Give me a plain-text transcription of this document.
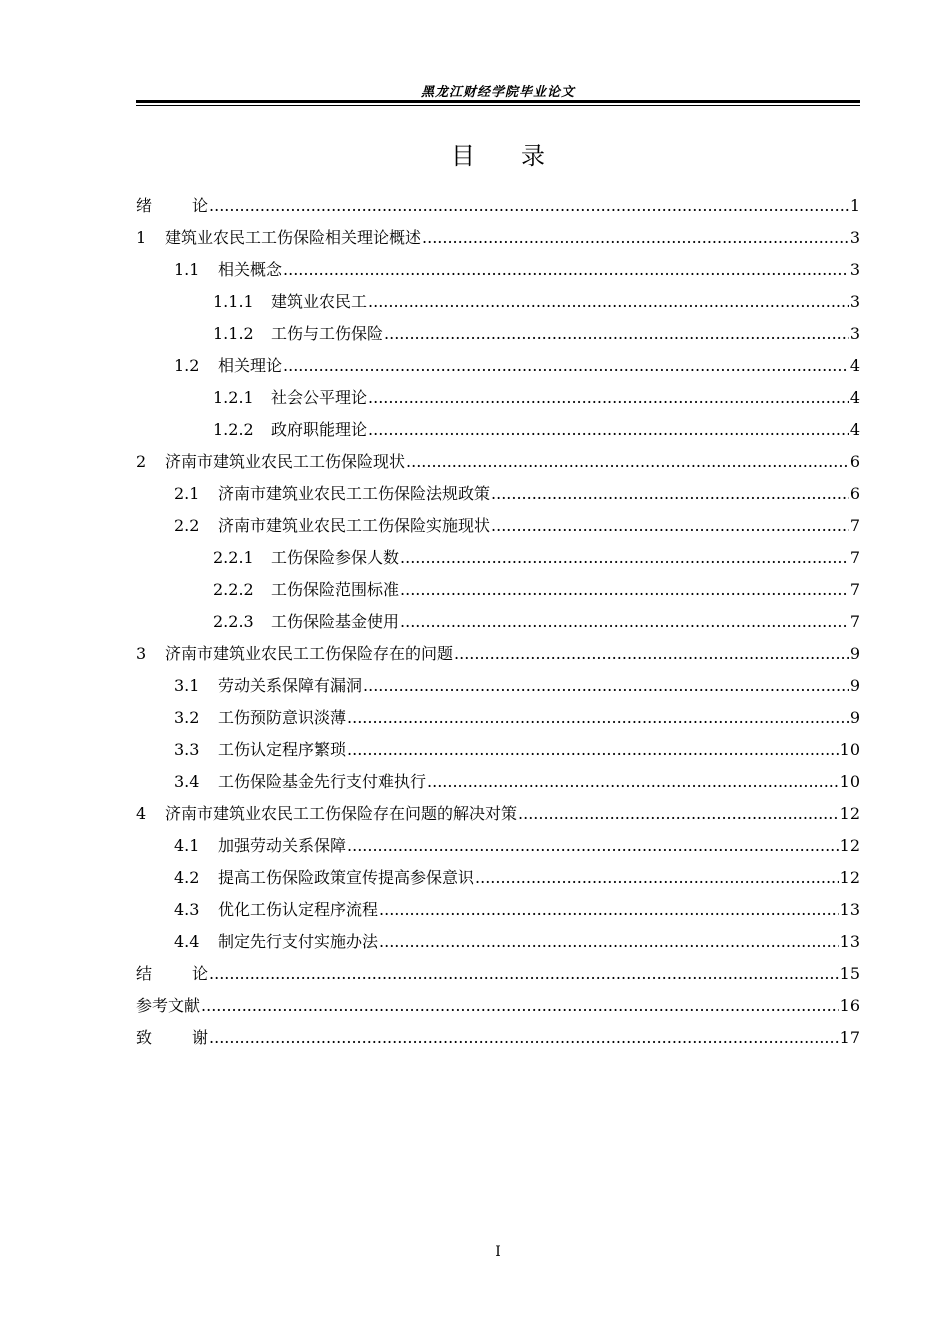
黑龙江财经学院毕业论文
目 录
绪	论 .....	1
1	建筑业农民工工伤保险相关理论概述 .....	3
1.1	相关概念 .....	3
1.1.1	建筑业农民工 .....	3
1.1.2	工伤与工伤保险 .....	3
1.2	相关理论 .....	4
1.2.1	社会公平理论 .....	4
1.2.2	政府职能理论 .....	4
2	济南市建筑业农民工工伤保险现状 .....	6
2.1	济南市建筑业农民工工伤保险法规政策 .....	6
2.2	济南市建筑业农民工工伤保险实施现状 .....	7
2.2.1	工伤保险参保人数 .....	7
2.2.2	工伤保险范围标准 .....	7
2.2.3	工伤保险基金使用 .....	7
3	济南市建筑业农民工工伤保险存在的问题 .....	9
3.1	劳动关系保障有漏洞 .....	9
3.2	工伤预防意识淡薄 .....	9
3.3	工伤认定程序繁琐 .....	10
3.4	工伤保险基金先行支付难执行 .....	10
4	济南市建筑业农民工工伤保险存在问题的解决对策 .....	12
4.1	加强劳动关系保障 .....	12
4.2	提高工伤保险政策宣传提高参保意识 .....	12
4.3	优化工伤认定程序流程 .....	13
4.4	制定先行支付实施办法 .....	13
结	论 .....	15
参考文献 .....	16
致	谢 .....	17
I
